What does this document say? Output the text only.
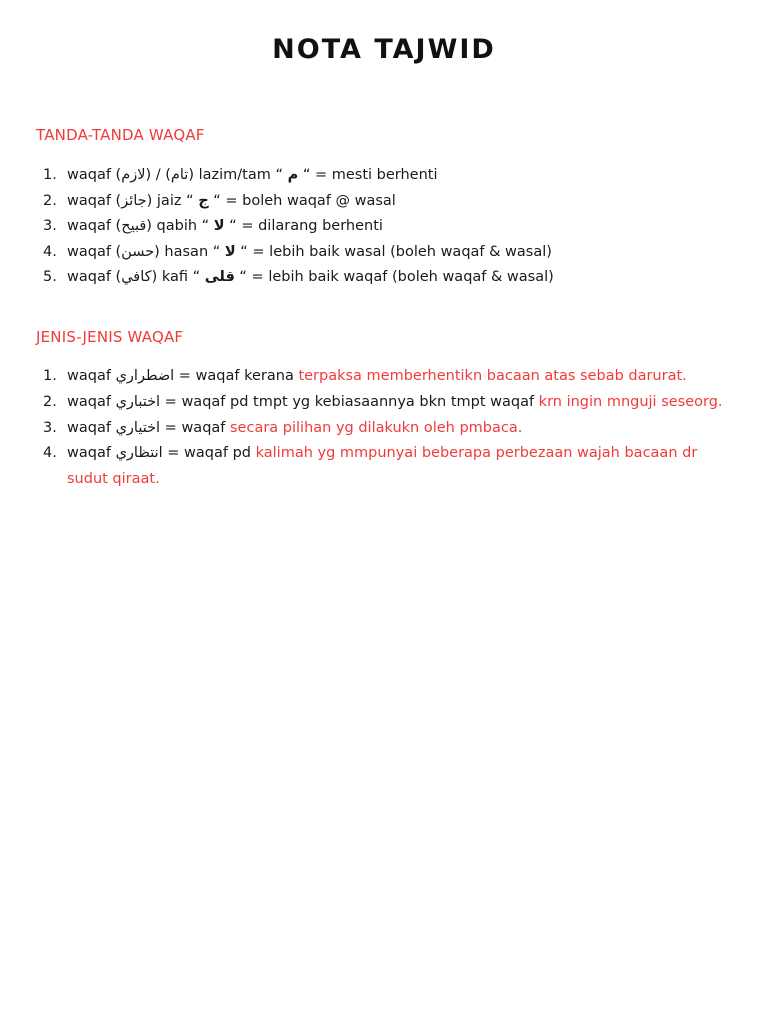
NOTA TAJWID
TANDA-TANDA WAQAF
1. waqaf (لازم) / (تام) lazim/tam “ م “ = mesti berhenti
2. waqaf (جائز) jaiz “ ج “ = boleh waqaf @ wasal
3. waqaf (قبيح) qabih “ لا “ = dilarang berhenti
4. waqaf (حسن) hasan “ لا “ = lebih baik wasal (boleh waqaf & wasal)
5. waqaf (كافي) kafi “ قلى “ = lebih baik waqaf (boleh waqaf & wasal)
JENIS-JENIS WAQAF
1. waqaf اضطراري = waqaf kerana terpaksa memberhentikn bacaan atas sebab darurat.
2. waqaf اختباري = waqaf pd tmpt yg kebiasaannya bkn tmpt waqaf krn ingin mnguji seseorg.
3. waqaf اختياري = waqaf secara pilihan yg dilakukn oleh pmbaca.
4. waqaf انتظاري = waqaf pd kalimah yg mmpunyai beberapa perbezaan wajah bacaan dr sudut qiraat.
